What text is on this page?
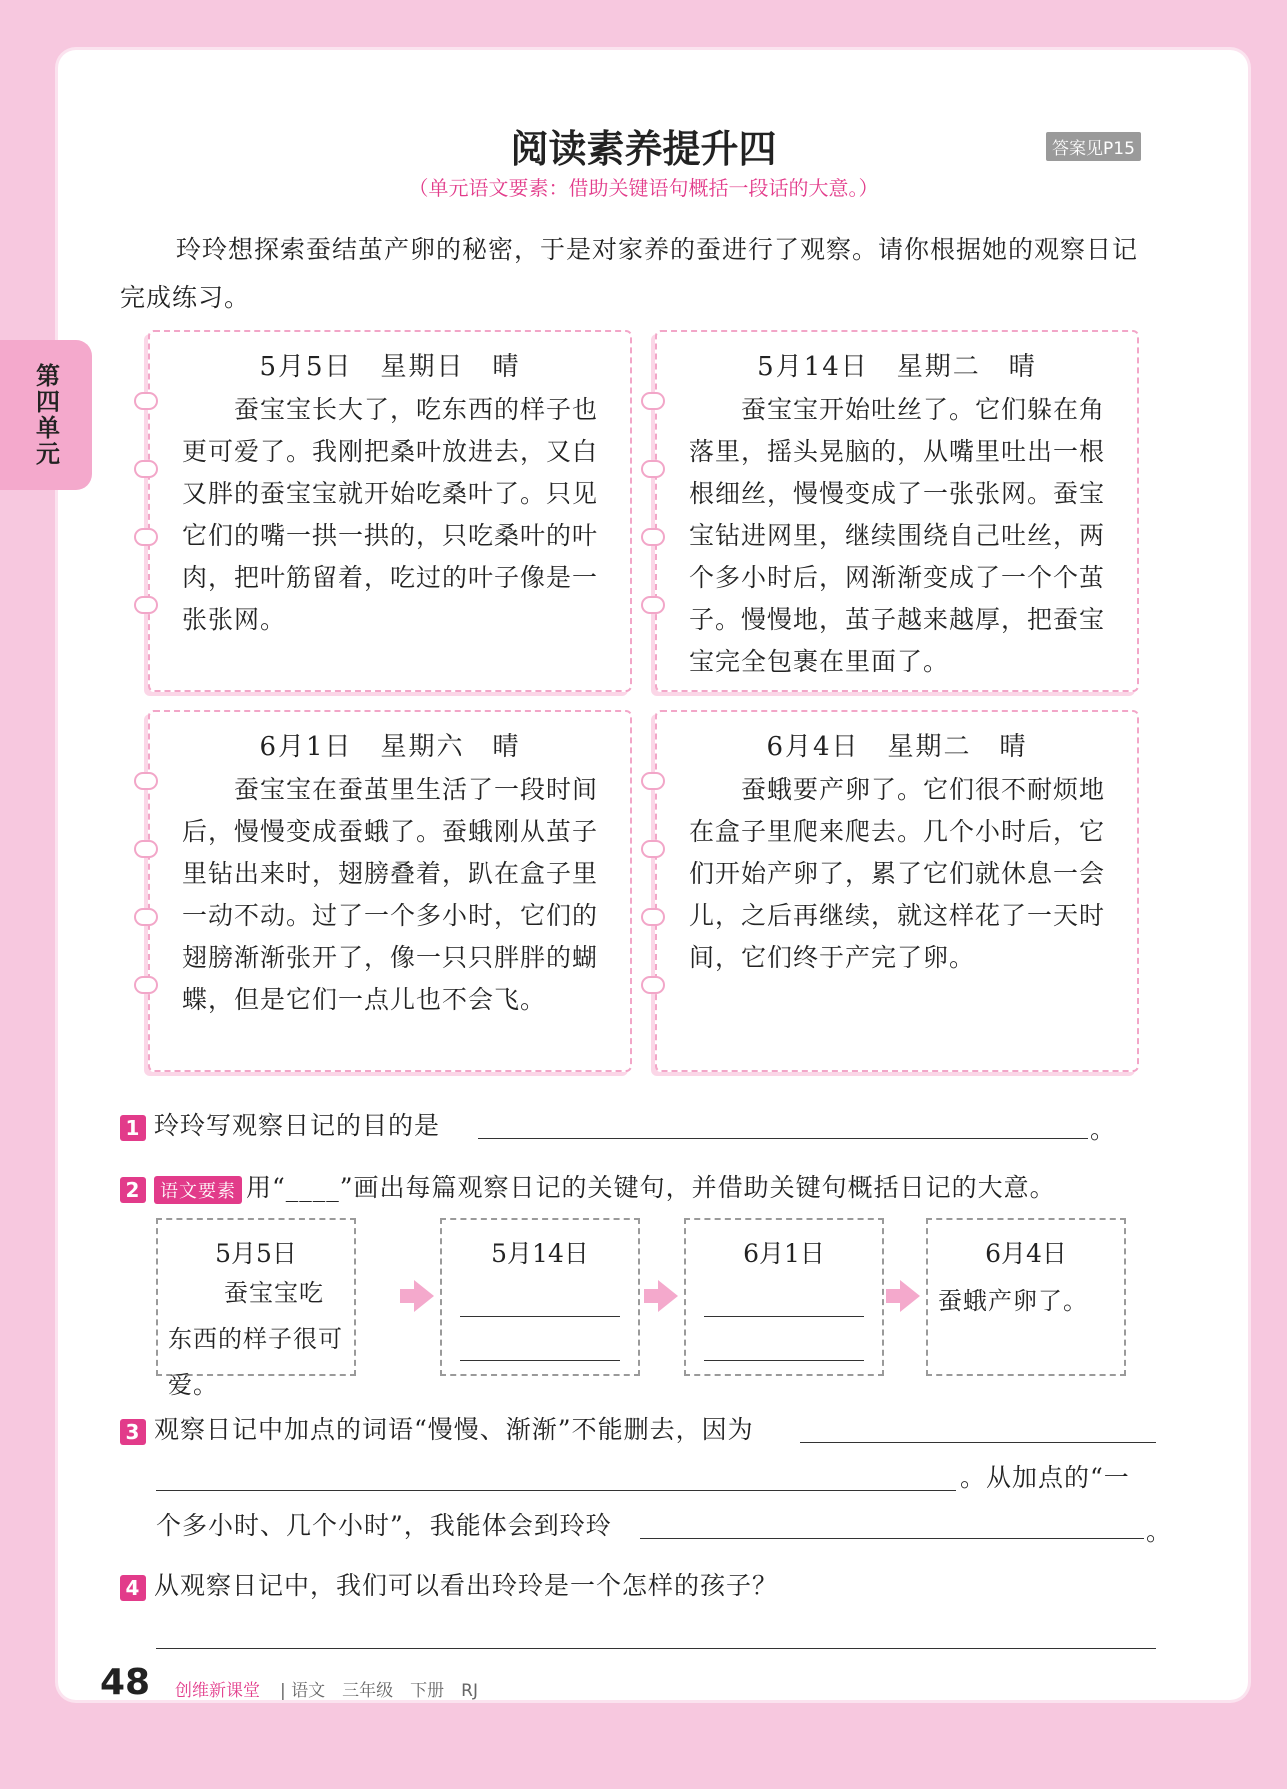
第四单元
阅读素养提升四	答案见P15
（单元语文要素：借助关键语句概括一段话的大意。）
玲玲想探索蚕结茧产卵的秘密，于是对家养的蚕进行了观察。请你根据她的观察日记完成练习。
5月5日　星期日　晴
蚕宝宝长大了，吃东西的样子也更可爱了。我刚把桑叶放进去，又白又胖的蚕宝宝就开始吃桑叶了。只见它们的嘴一拱一拱的，只吃桑叶的叶肉，把叶筋留着，吃过的叶子像是一张张网。
5月14日　星期二　晴
蚕宝宝开始吐丝了。它们躲在角落里，摇头晃脑的，从嘴里吐出一根根细丝，慢慢变成了一张张网。蚕宝宝钻进网里，继续围绕自己吐丝，两个多小时后，网渐渐变成了一个个茧子。慢慢地，茧子越来越厚，把蚕宝宝完全包裹在里面了。
6月1日　星期六　晴
蚕宝宝在蚕茧里生活了一段时间后，慢慢变成蚕蛾了。蚕蛾刚从茧子里钻出来时，翅膀叠着，趴在盒子里一动不动。过了一个多小时，它们的翅膀渐渐张开了，像一只只胖胖的蝴蝶，但是它们一点儿也不会飞。
6月4日　星期二　晴
蚕蛾要产卵了。它们很不耐烦地在盒子里爬来爬去。几个小时后，它们开始产卵了，累了它们就休息一会儿，之后再继续，就这样花了一天时间，它们终于产完了卵。
1 玲玲写观察日记的目的是	。
2 语文要素 用“____”画出每篇观察日记的关键句，并借助关键句概括日记的大意。
5月5日
蚕宝宝吃东西的样子很可爱。
5月14日	6月1日	6月4日
蚕蛾产卵了。
3 观察日记中加点的词语“慢慢、渐渐”不能删去，因为
。从加点的“一
个多小时、几个小时”，我能体会到玲玲	。
4 从观察日记中，我们可以看出玲玲是一个怎样的孩子？
48 创维新课堂 | 语文　三年级　下册　RJ
